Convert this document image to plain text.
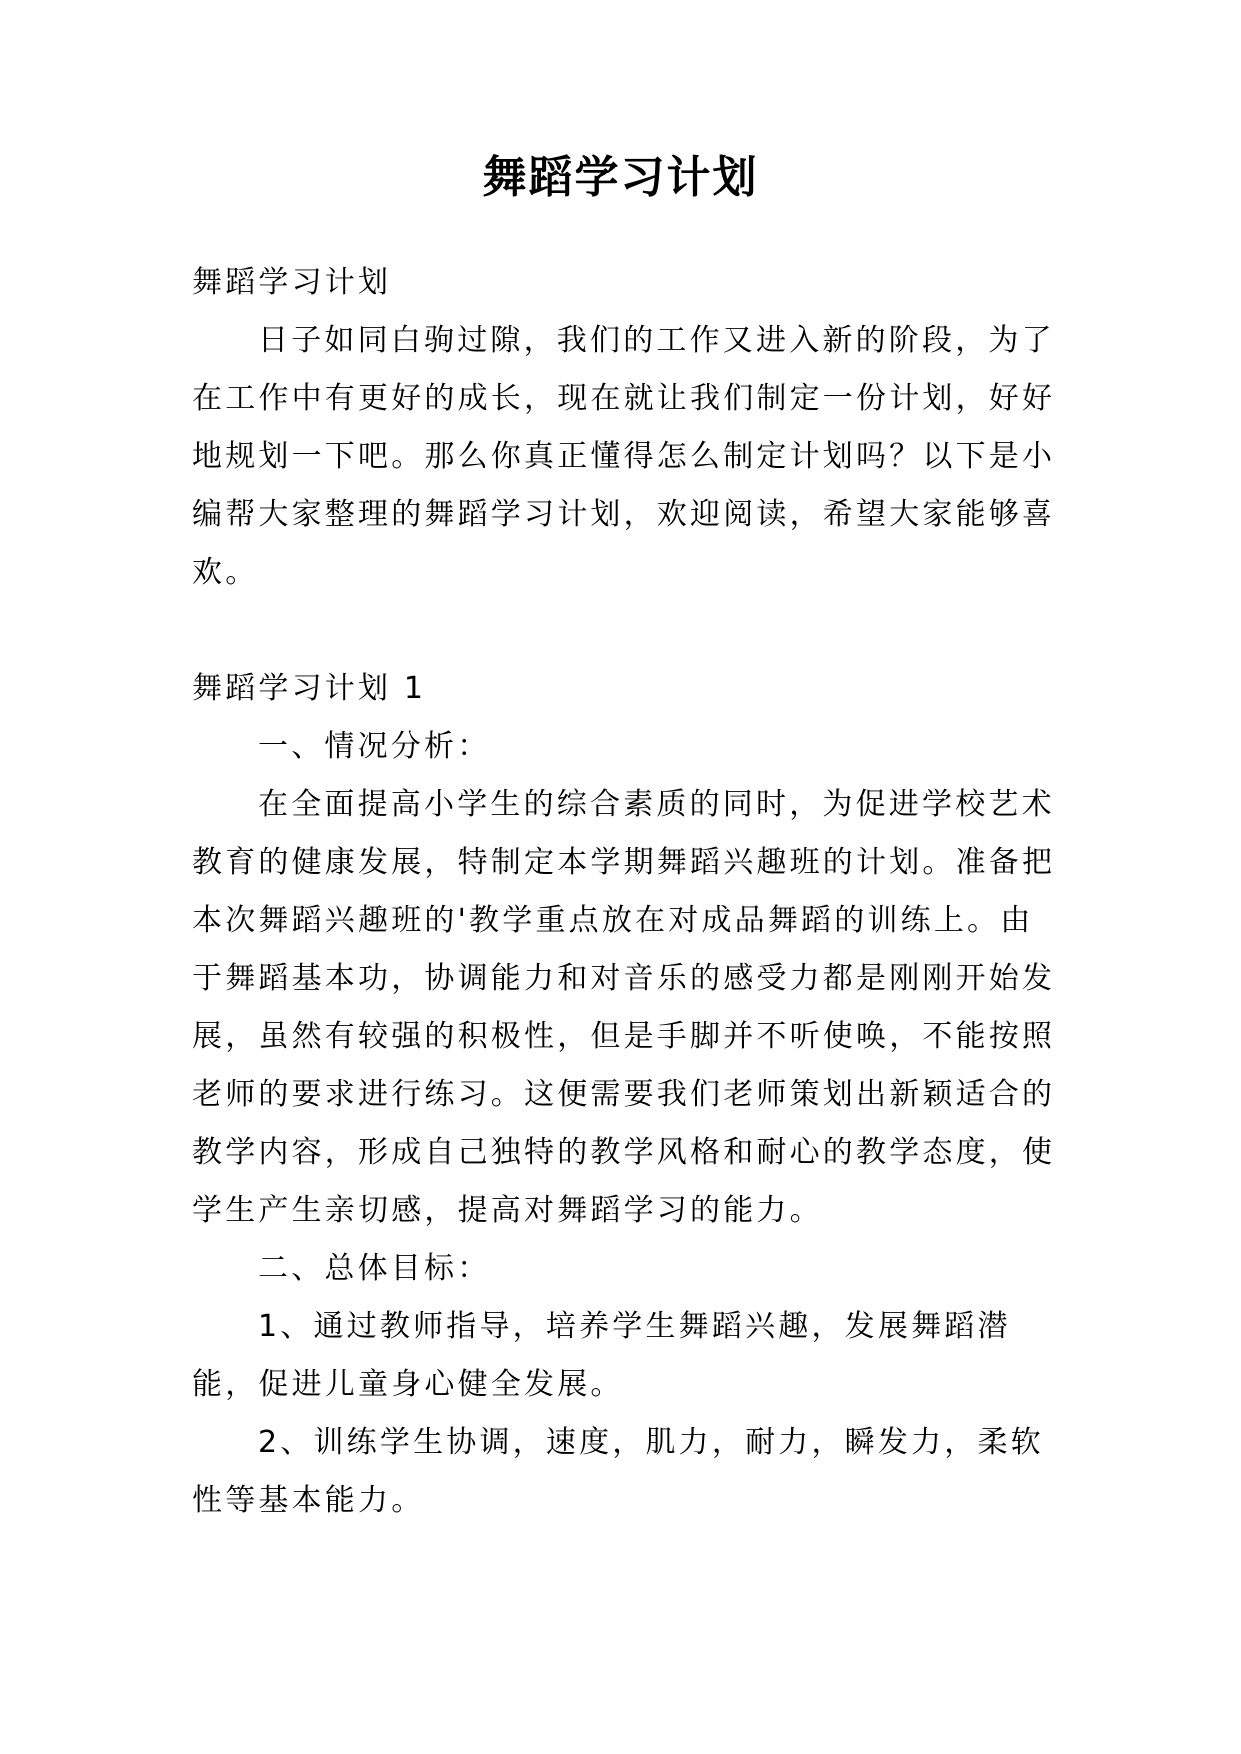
舞蹈学习计划

舞蹈学习计划

日子如同白驹过隙，我们的工作又进入新的阶段，为了在工作中有更好的成长，现在就让我们制定一份计划，好好地规划一下吧。那么你真正懂得怎么制定计划吗？以下是小编帮大家整理的舞蹈学习计划，欢迎阅读，希望大家能够喜欢。

舞蹈学习计划 1

一、情况分析：

在全面提高小学生的综合素质的同时，为促进学校艺术教育的健康发展，特制定本学期舞蹈兴趣班的计划。准备把本次舞蹈兴趣班的'教学重点放在对成品舞蹈的训练上。由于舞蹈基本功，协调能力和对音乐的感受力都是刚刚开始发展，虽然有较强的积极性，但是手脚并不听使唤，不能按照老师的要求进行练习。这便需要我们老师策划出新颖适合的教学内容，形成自己独特的教学风格和耐心的教学态度，使学生产生亲切感，提高对舞蹈学习的能力。

二、总体目标：

1、通过教师指导，培养学生舞蹈兴趣，发展舞蹈潜能，促进儿童身心健全发展。

2、训练学生协调，速度，肌力，耐力，瞬发力，柔软性等基本能力。
